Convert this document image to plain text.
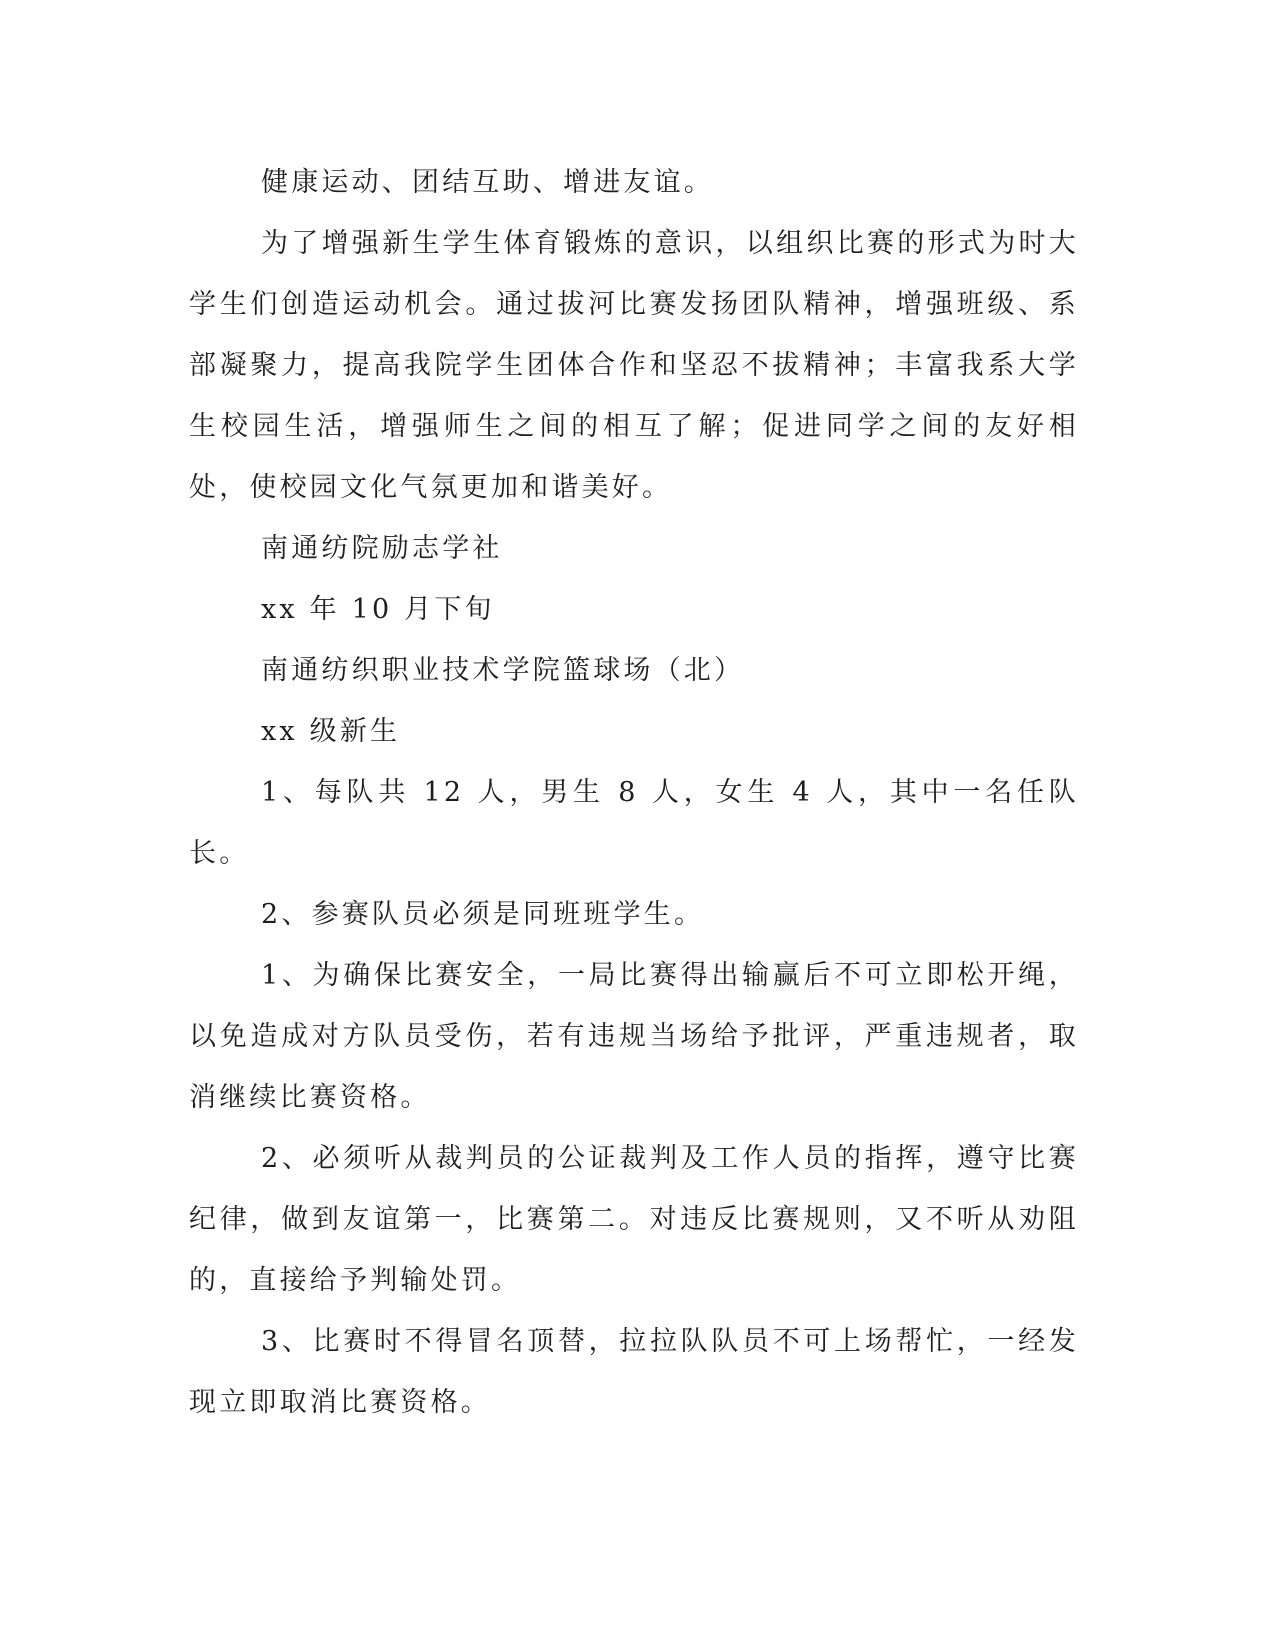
健康运动、团结互助、增进友谊。

为了增强新生学生体育锻炼的意识，以组织比赛的形式为时大学生们创造运动机会。通过拔河比赛发扬团队精神，增强班级、系部凝聚力，提高我院学生团体合作和坚忍不拔精神；丰富我系大学生校园生活，增强师生之间的相互了解；促进同学之间的友好相处，使校园文化气氛更加和谐美好。

南通纺院励志学社

xx 年 10 月下旬

南通纺织职业技术学院篮球场（北）

xx 级新生

1、每队共 12 人，男生 8 人，女生 4 人，其中一名任队长。

2、参赛队员必须是同班班学生。

1、为确保比赛安全，一局比赛得出输赢后不可立即松开绳，以免造成对方队员受伤，若有违规当场给予批评，严重违规者，取消继续比赛资格。

2、必须听从裁判员的公证裁判及工作人员的指挥，遵守比赛纪律，做到友谊第一，比赛第二。对违反比赛规则，又不听从劝阻的，直接给予判输处罚。

3、比赛时不得冒名顶替，拉拉队队员不可上场帮忙，一经发现立即取消比赛资格。
